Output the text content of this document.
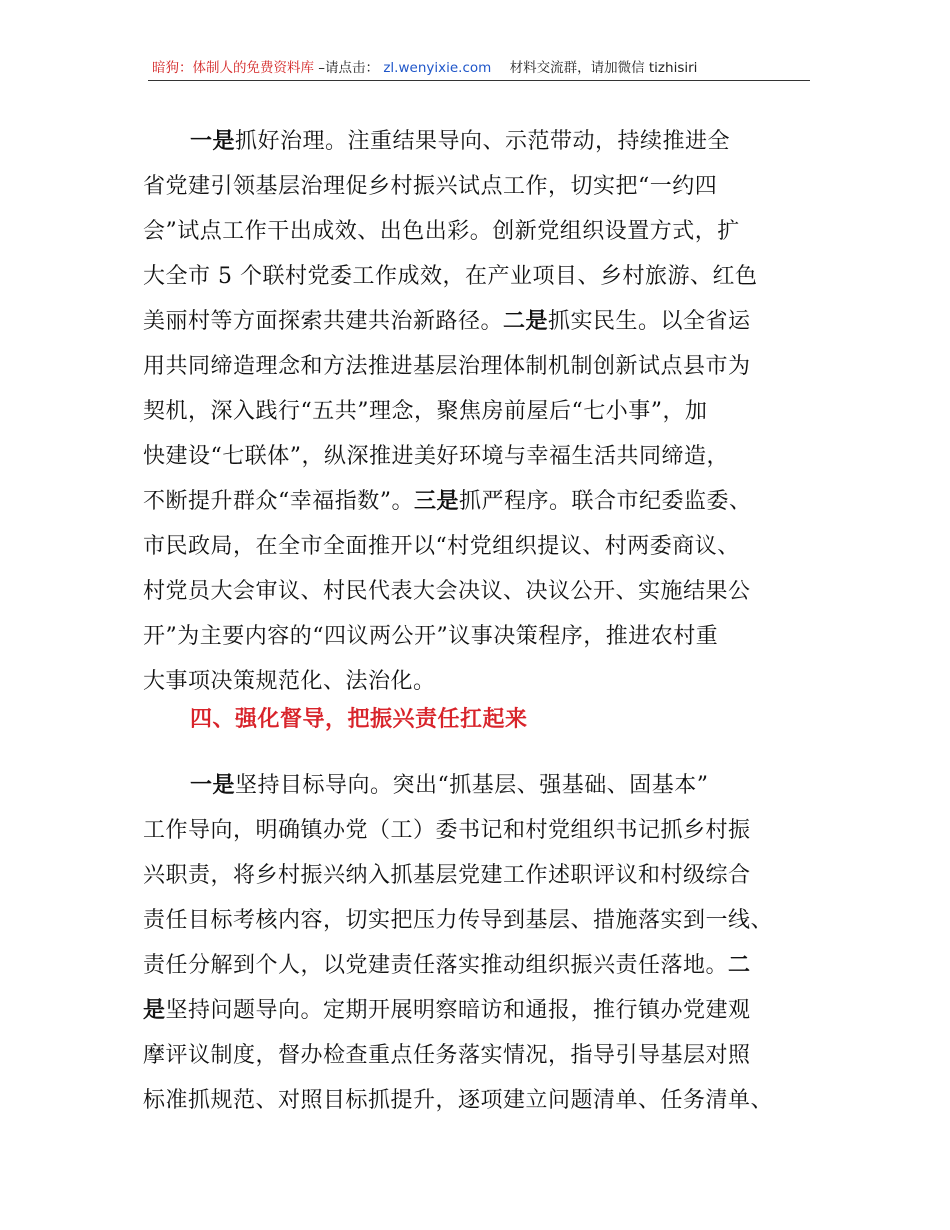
暗狗：体制人的免费资料库 –请点击： zl.wenyixie.com 材料交流群，请加微信 tizhisiri
一是抓好治理。注重结果导向、示范带动，持续推进全
省党建引领基层治理促乡村振兴试点工作，切实把“一约四
会”试点工作干出成效、出色出彩。创新党组织设置方式，扩
大全市 5 个联村党委工作成效，在产业项目、乡村旅游、红色
美丽村等方面探索共建共治新路径。二是抓实民生。以全省运
用共同缔造理念和方法推进基层治理体制机制创新试点县市为
契机，深入践行“五共”理念，聚焦房前屋后“七小事”，加
快建设“七联体”，纵深推进美好环境与幸福生活共同缔造，
不断提升群众“幸福指数”。三是抓严程序。联合市纪委监委、
市民政局，在全市全面推开以“村党组织提议、村两委商议、
村党员大会审议、村民代表大会决议、决议公开、实施结果公
开”为主要内容的“四议两公开”议事决策程序，推进农村重
大事项决策规范化、法治化。
四、强化督导，把振兴责任扛起来
一是坚持目标导向。突出“抓基层、强基础、固基本”
工作导向，明确镇办党（工）委书记和村党组织书记抓乡村振
兴职责，将乡村振兴纳入抓基层党建工作述职评议和村级综合
责任目标考核内容，切实把压力传导到基层、措施落实到一线、
责任分解到个人，以党建责任落实推动组织振兴责任落地。二
是坚持问题导向。定期开展明察暗访和通报，推行镇办党建观
摩评议制度，督办检查重点任务落实情况，指导引导基层对照
标准抓规范、对照目标抓提升，逐项建立问题清单、任务清单、
